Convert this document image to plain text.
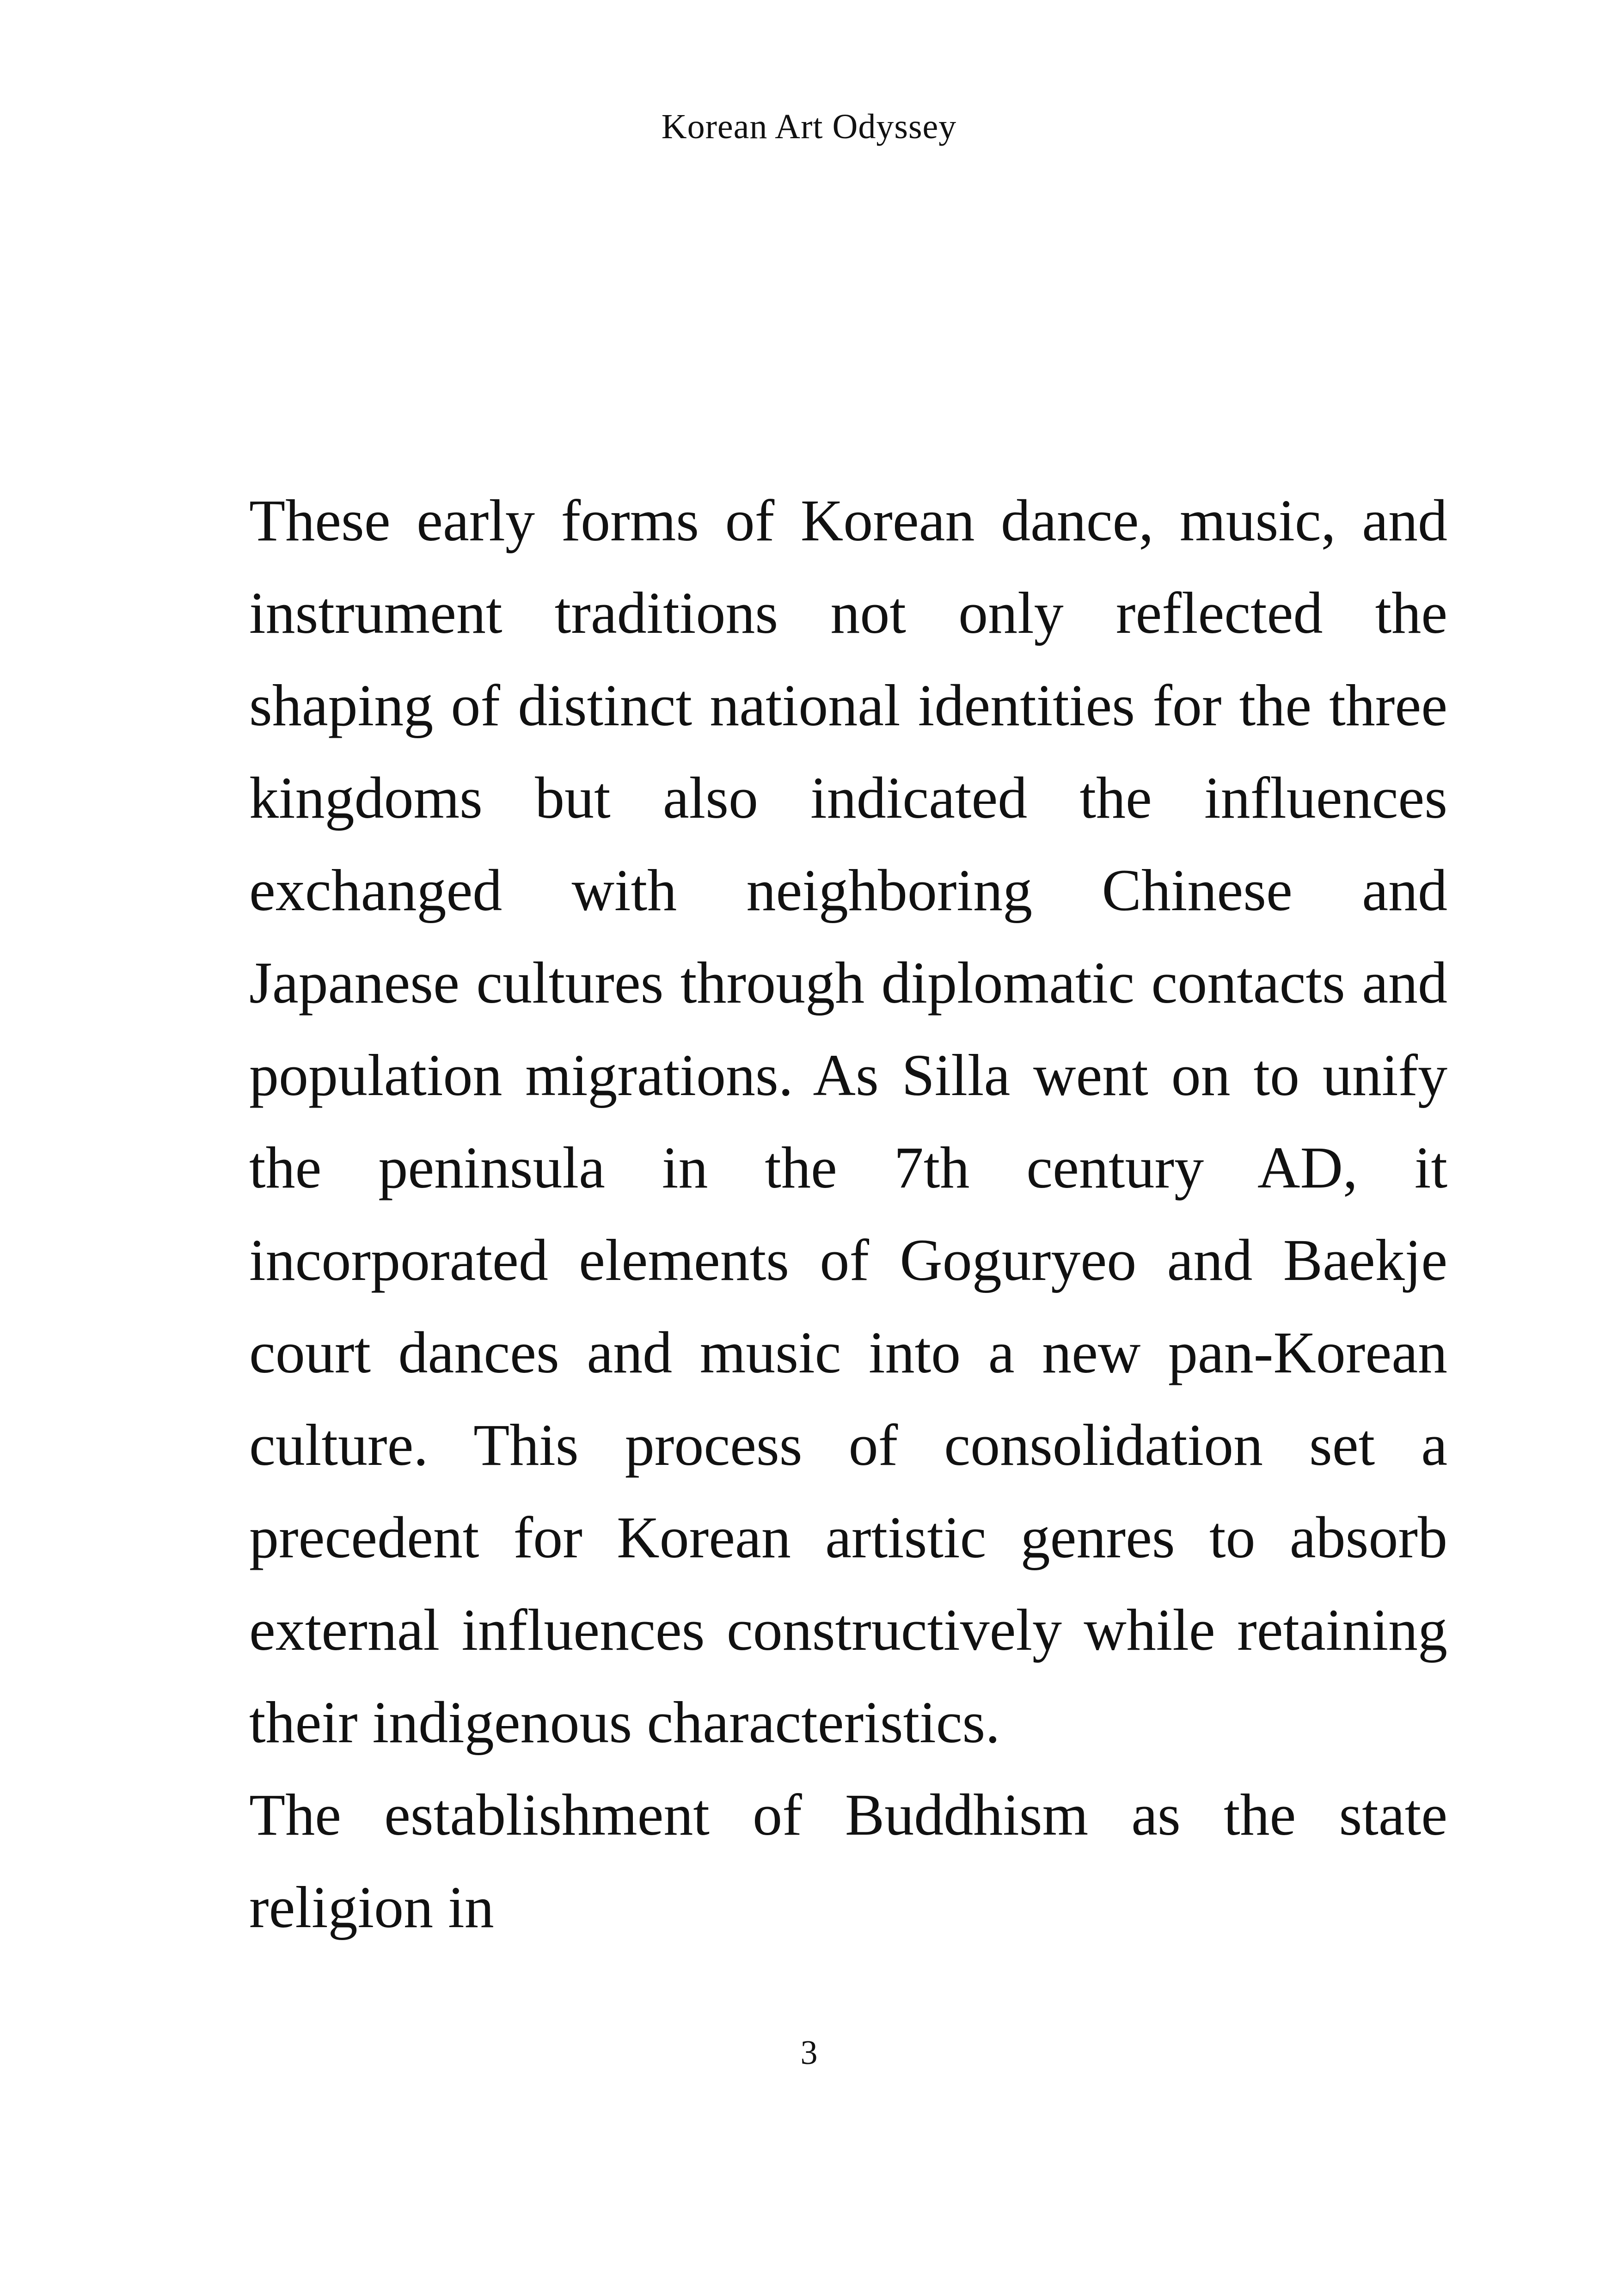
Korean Art Odyssey

These early forms of Korean dance, music, and instrument traditions not only reflected the shaping of distinct national identities for the three kingdoms but also indicated the influences exchanged with neighboring Chinese and Japanese cultures through diplomatic contacts and population migrations. As Silla went on to unify the peninsula in the 7th century AD, it incorporated elements of Goguryeo and Baekje court dances and music into a new pan-Korean culture. This process of consolidation set a precedent for Korean artistic genres to absorb external influences constructively while retaining their indigenous characteristics.

The establishment of Buddhism as the state religion in

3
